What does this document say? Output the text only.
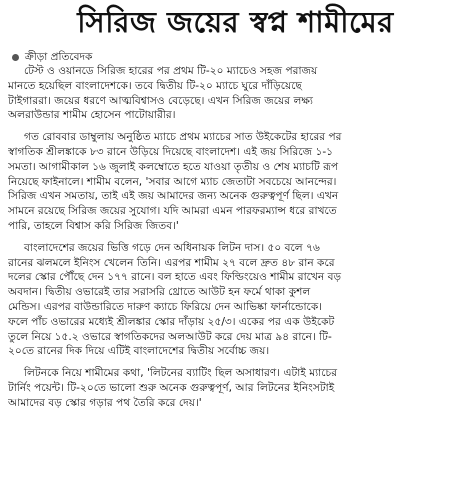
সিরিজ জয়ের স্বপ্ন শামীমের
ক্রীড়া প্রতিবেদক

টেস্ট ও ওয়ানডে সিরিজ হারের পর প্রথম টি-২০ ম্যাচেও সহজ পরাজয়
মানতে হয়েছিল বাংলাদেশকে। তবে দ্বিতীয় টি-২০ ম্যাচে ঘুরে দাঁড়িয়েছে
টাইগাররা। জয়ের ধরণে আত্মবিশ্বাসও বেড়েছে। এখন সিরিজ জয়ের লক্ষ্য
অলরাউন্ডার শামীম হোসেন পাটোয়ারীর।

গত রোববার ডাম্বুলায় অনুষ্ঠিত ম্যাচে প্রথম ম্যাচের সাত উইকেটের হারের পর
স্বাগতিক শ্রীলঙ্কাকে ৮৩ রানে উড়িয়ে দিয়েছে বাংলাদেশ। এই জয় সিরিজে ১-১
সমতা। আগামীকাল ১৬ জুলাই কলম্বোতে হতে যাওয়া তৃতীয় ও শেষ ম্যাচটি রূপ
নিয়েছে ফাইনালে। শামীম বলেন, 'সবার আগে ম্যাচ জেতাটা সবচেয়ে আনন্দের।
সিরিজ এখন সমতায়, তাই এই জয় আমাদের জন্য অনেক গুরুত্বপূর্ণ ছিল। এখন
সামনে রয়েছে সিরিজ জয়ের সুযোগ। যদি আমরা এমন পারফরম্যান্স ধরে রাখতে
পারি, তাহলে বিশ্বাস করি সিরিজ জিতব।'

বাংলাদেশের জয়ের ভিত্তি গড়ে দেন অধিনায়ক লিটন দাস। ৫০ বলে ৭৬
রানের ঝলমলে ইনিংস খেলেন তিনি। এরপর শামীম ২৭ বলে দ্রুত ৪৮ রান করে
দলের স্কোর পৌঁছে দেন ১৭৭ রানে। বল হাতে এবং ফিল্ডিংয়েও শামীম রাখেন বড়
অবদান। দ্বিতীয় ওভারেই তার সরাসরি থ্রোতে আউট হন ফর্মে থাকা কুশল
মেন্ডিস। এরপর বাউন্ডারিতে দারুণ ক্যাচে ফিরিয়ে দেন আভিষ্কা ফার্নান্ডোকে।
ফলে পাঁচ ওভারের মধ্যেই শ্রীলঙ্কার স্কোর দাঁড়ায় ২৫/৩। একের পর এক উইকেট
তুলে নিয়ে ১৫.২ ওভারে স্বাগতিকদের অলআউট করে দেয় মাত্র ৯৪ রানে। টি-
২০তে রানের দিক দিয়ে এটিই বাংলাদেশের দ্বিতীয় সর্বোচ্চ জয়।

লিটনকে নিয়ে শামীমের কথা, 'লিটনের ব্যাটিং ছিল অসাধারণ। এটাই ম্যাচের
টার্নিং পয়েন্ট। টি-২০তে ভালো শুরু অনেক গুরুত্বপূর্ণ, আর লিটনের ইনিংসটাই
আমাদের বড় স্কোর গড়ার পথ তৈরি করে দেয়।'
